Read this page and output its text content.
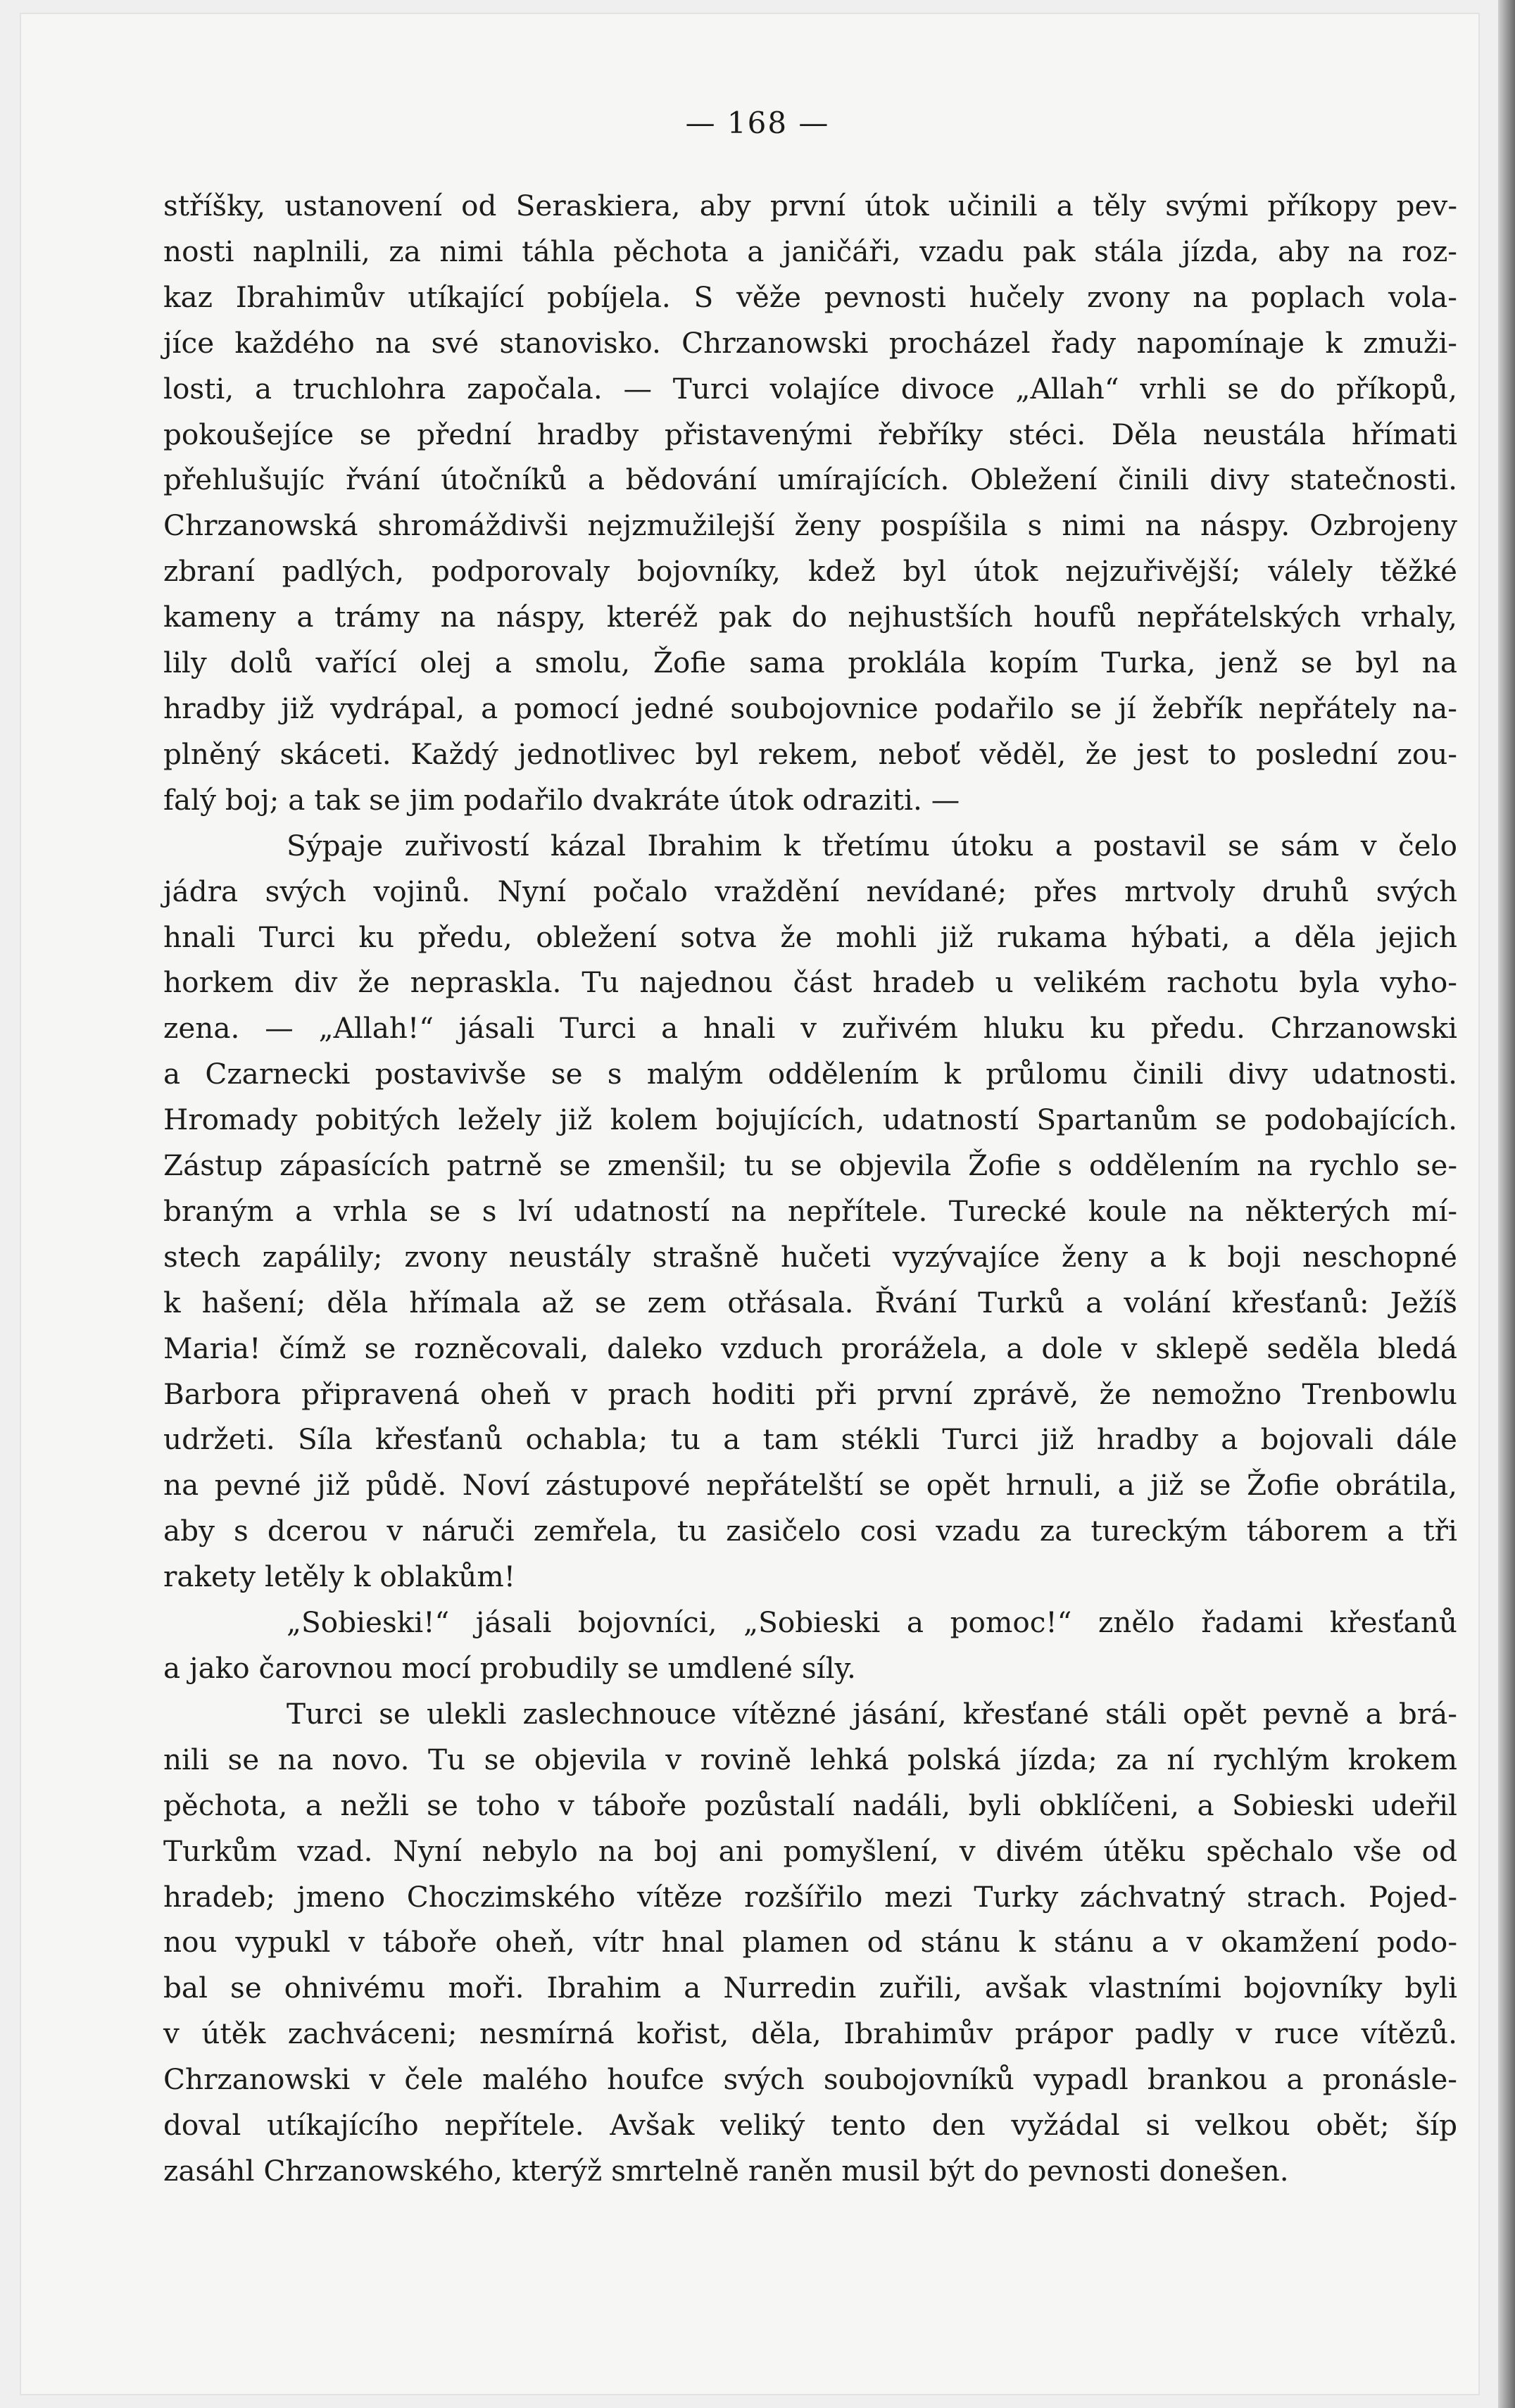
— 168 —
stříšky, ustanovení od Seraskiera, aby první útok učinili a těly svými příkopy pev-
nosti naplnili, za nimi táhla pěchota a janičáři, vzadu pak stála jízda, aby na roz-
kaz Ibrahimův utíkající pobíjela. S věže pevnosti hučely zvony na poplach vola-
jíce každého na své stanovisko. Chrzanowski procházel řady napomínaje k zmuži-
losti, a truchlohra započala. — Turci volajíce divoce „Allah“ vrhli se do příkopů,
pokoušejíce se přední hradby přistavenými řebříky stéci. Děla neustála hřímati
přehlušujíc řvání útočníků a bědování umírajících. Obležení činili divy statečnosti.
Chrzanowská shromáždivši nejzmužilejší ženy pospíšila s nimi na náspy. Ozbrojeny
zbraní padlých, podporovaly bojovníky, kdež byl útok nejzuřivější; válely těžké
kameny a trámy na náspy, kteréž pak do nejhustších houfů nepřátelských vrhaly,
lily dolů vařící olej a smolu, Žofie sama proklála kopím Turka, jenž se byl na
hradby již vydrápal, a pomocí jedné soubojovnice podařilo se jí žebřík nepřátely na-
plněný skáceti. Každý jednotlivec byl rekem, neboť věděl, že jest to poslední zou-
falý boj; a tak se jim podařilo dvakráte útok odraziti. —
Sýpaje zuřivostí kázal Ibrahim k třetímu útoku a postavil se sám v čelo
jádra svých vojinů. Nyní počalo vraždění nevídané; přes mrtvoly druhů svých
hnali Turci ku předu, obležení sotva že mohli již rukama hýbati, a děla jejich
horkem div že nepraskla. Tu najednou část hradeb u velikém rachotu byla vyho-
zena. — „Allah!“ jásali Turci a hnali v zuřivém hluku ku předu. Chrzanowski
a Czarnecki postavivše se s malým oddělením k průlomu činili divy udatnosti.
Hromady pobitých ležely již kolem bojujících, udatností Spartanům se podobajících.
Zástup zápasících patrně se zmenšil; tu se objevila Žofie s oddělením na rychlo se-
braným a vrhla se s lví udatností na nepřítele. Turecké koule na některých mí-
stech zapálily; zvony neustály strašně hučeti vyzývajíce ženy a k boji neschopné
k hašení; děla hřímala až se zem otřásala. Řvání Turků a volání křesťanů: Ježíš
Maria! čímž se rozněcovali, daleko vzduch prorážela, a dole v sklepě seděla bledá
Barbora připravená oheň v prach hoditi při první zprávě, že nemožno Trenbowlu
udržeti. Síla křesťanů ochabla; tu a tam stékli Turci již hradby a bojovali dále
na pevné již půdě. Noví zástupové nepřátelští se opět hrnuli, a již se Žofie obrátila,
aby s dcerou v náruči zemřela, tu zasičelo cosi vzadu za tureckým táborem a tři
rakety letěly k oblakům!
„Sobieski!“ jásali bojovníci, „Sobieski a pomoc!“ znělo řadami křesťanů
a jako čarovnou mocí probudily se umdlené síly.
Turci se ulekli zaslechnouce vítězné jásání, křesťané stáli opět pevně a brá-
nili se na novo. Tu se objevila v rovině lehká polská jízda; za ní rychlým krokem
pěchota, a nežli se toho v táboře pozůstalí nadáli, byli obklíčeni, a Sobieski udeřil
Turkům vzad. Nyní nebylo na boj ani pomyšlení, v divém útěku spěchalo vše od
hradeb; jmeno Choczimského vítěze rozšířilo mezi Turky záchvatný strach. Pojed-
nou vypukl v táboře oheň, vítr hnal plamen od stánu k stánu a v okamžení podo-
bal se ohnivému moři. Ibrahim a Nurredin zuřili, avšak vlastními bojovníky byli
v útěk zachváceni; nesmírná kořist, děla, Ibrahimův prápor padly v ruce vítězů.
Chrzanowski v čele malého houfce svých soubojovníků vypadl brankou a pronásle-
doval utíkajícího nepřítele. Avšak veliký tento den vyžádal si velkou obět; šíp
zasáhl Chrzanowského, kterýž smrtelně raněn musil být do pevnosti donešen.
